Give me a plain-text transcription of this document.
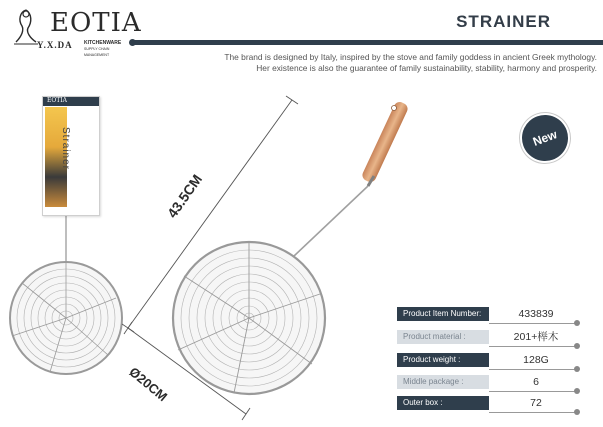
EOTIA
Y.X.DA KITCHENWARE
SUPPLY CHAIN MANAGEMENT
STRAINER
The brand is designed by Italy, inspired by the stove and family goddess in ancient Greek mythology.
Her existence is also the guarantee of family sustainability, stability, harmony and prosperity.
New
EOTIA
Strainer
43.5CM
Ø20CM
Product Item Number:	433839
Product material :	201+榉木
Product weight :	128G
Middle package :	6
Outer box :	72
